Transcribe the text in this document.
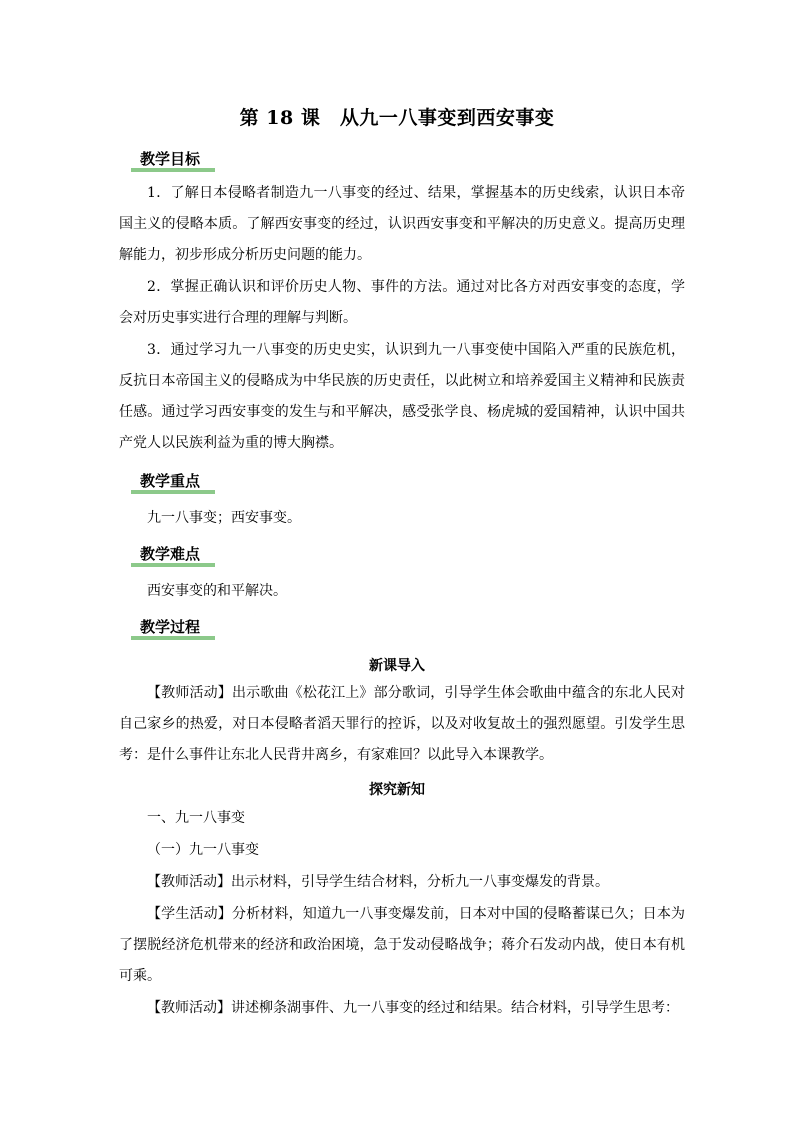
第 18 课　从九一八事变到西安事变
教学目标
1．了解日本侵略者制造九一八事变的经过、结果，掌握基本的历史线索，认识日本帝国主义的侵略本质。了解西安事变的经过，认识西安事变和平解决的历史意义。提高历史理解能力，初步形成分析历史问题的能力。
2．掌握正确认识和评价历史人物、事件的方法。通过对比各方对西安事变的态度，学会对历史事实进行合理的理解与判断。
3．通过学习九一八事变的历史史实，认识到九一八事变使中国陷入严重的民族危机，反抗日本帝国主义的侵略成为中华民族的历史责任，以此树立和培养爱国主义精神和民族责任感。通过学习西安事变的发生与和平解决，感受张学良、杨虎城的爱国精神，认识中国共产党人以民族利益为重的博大胸襟。
教学重点
九一八事变；西安事变。
教学难点
西安事变的和平解决。
教学过程
新课导入
【教师活动】出示歌曲《松花江上》部分歌词，引导学生体会歌曲中蕴含的东北人民对自己家乡的热爱，对日本侵略者滔天罪行的控诉，以及对收复故土的强烈愿望。引发学生思考：是什么事件让东北人民背井离乡，有家难回？以此导入本课教学。
探究新知
一、九一八事变
（一）九一八事变
【教师活动】出示材料，引导学生结合材料，分析九一八事变爆发的背景。
【学生活动】分析材料，知道九一八事变爆发前，日本对中国的侵略蓄谋已久；日本为了摆脱经济危机带来的经济和政治困境，急于发动侵略战争；蒋介石发动内战，使日本有机可乘。
【教师活动】讲述柳条湖事件、九一八事变的经过和结果。结合材料，引导学生思考：
